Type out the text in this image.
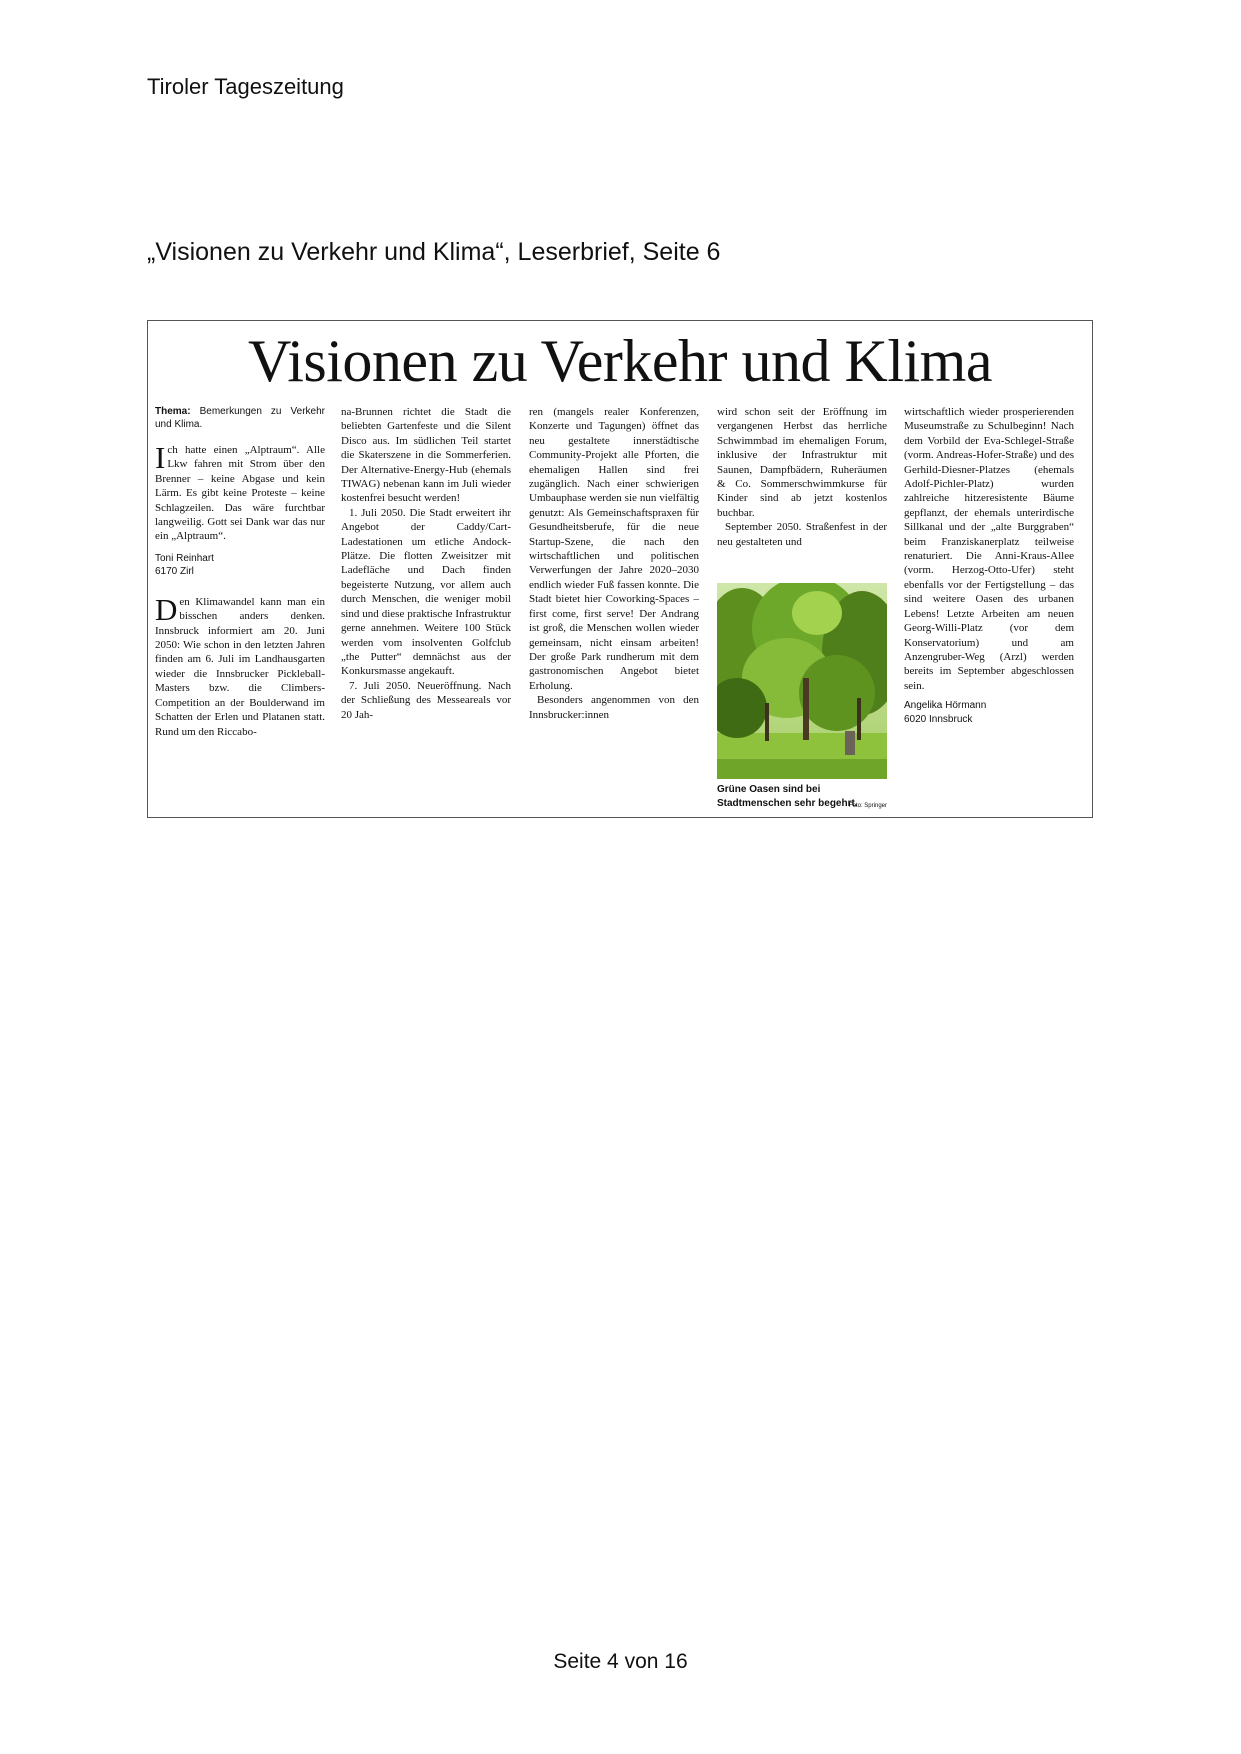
Tiroler Tageszeitung
„Visionen zu Verkehr und Klima“, Leserbrief, Seite 6
Visionen zu Verkehr und Klima

Thema: Bemerkungen zu Verkehr und Klima.

Ich hatte einen „Alptraum“. Alle Lkw fahren mit Strom über den Brenner – keine Abgase und kein Lärm. Es gibt keine Proteste – keine Schlagzeilen. Das wäre furchtbar langweilig. Gott sei Dank war das nur ein „Alptraum“.

Toni Reinhart
6170 Zirl

Den Klimawandel kann man ein bisschen anders denken. Innsbruck informiert am 20. Juni 2050: Wie schon in den letzten Jahren finden am 6. Juli im Landhausgarten wieder die Innsbrucker Pickleball-Masters bzw. die Climbers-Competition an der Boulderwand im Schatten der Erlen und Platanen statt. Rund um den Riccabo-

na-Brunnen richtet die Stadt die beliebten Gartenfeste und die Silent Disco aus. Im südlichen Teil startet die Skaterszene in die Sommerferien. Der Alternative-Energy-Hub (ehemals TIWAG) nebenan kann im Juli wieder kostenfrei besucht werden!

1. Juli 2050. Die Stadt erweitert ihr Angebot der Caddy/Cart-Ladestationen um etliche Andock-Plätze. Die flotten Zweisitzer mit Ladefläche und Dach finden begeisterte Nutzung, vor allem auch durch Menschen, die weniger mobil sind und diese praktische Infrastruktur gerne annehmen. Weitere 100 Stück werden vom insolventen Golfclub „the Putter“ demnächst aus der Konkursmasse angekauft.

7. Juli 2050. Neueröffnung. Nach der Schließung des Messeareals vor 20 Jah-

ren (mangels realer Konferenzen, Konzerte und Tagungen) öffnet das neu gestaltete innerstädtische Community-Projekt alle Pforten, die ehemaligen Hallen sind frei zugänglich. Nach einer schwierigen Umbauphase werden sie nun vielfältig genutzt: Als Gemeinschaftspraxen für Gesundheitsberufe, für die neue Startup-Szene, die nach den wirtschaftlichen und politischen Verwerfungen der Jahre 2020–2030 endlich wieder Fuß fassen konnte. Die Stadt bietet hier Coworking-Spaces – first come, first serve! Der Andrang ist groß, die Menschen wollen wieder gemeinsam, nicht einsam arbeiten! Der große Park rundherum mit dem gastronomischen Angebot bietet Erholung.

Besonders angenommen von den Innsbrucker:innen

wird schon seit der Eröffnung im vergangenen Herbst das herrliche Schwimmbad im ehemaligen Forum, inklusive der Infrastruktur mit Saunen, Dampfbädern, Ruheräumen & Co. Sommerschwimmkurse für Kinder sind ab jetzt kostenlos buchbar.

September 2050. Straßenfest in der neu gestalteten und

Grüne Oasen sind bei Stadtmenschen sehr begehrt.
Foto: Springer

wirtschaftlich wieder prosperierenden Museumstraße zu Schulbeginn! Nach dem Vorbild der Eva-Schlegel-Straße (vorm. Andreas-Hofer-Straße) und des Gerhild-Diesner-Platzes (ehemals Adolf-Pichler-Platz) wurden zahlreiche hitzeresistente Bäume gepflanzt, der ehemals unterirdische Sillkanal und der „alte Burggraben“ beim Franziskanerplatz teilweise renaturiert. Die Anni-Kraus-Allee (vorm. Herzog-Otto-Ufer) steht ebenfalls vor der Fertigstellung – das sind weitere Oasen des urbanen Lebens! Letzte Arbeiten am neuen Georg-Willi-Platz (vor dem Konservatorium) und am Anzengruber-Weg (Arzl) werden bereits im September abgeschlossen sein.

Angelika Hörmann
6020 Innsbruck
Seite 4 von 16
